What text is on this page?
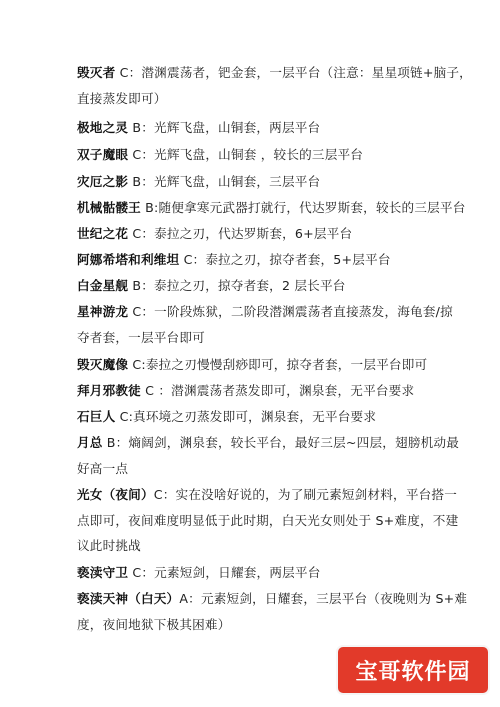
毁灭者 C：潜渊震荡者，钯金套，一层平台（注意：星星项链+脑子，
直接蒸发即可）
极地之灵 B：光辉飞盘，山铜套，两层平台
双子魔眼 C：光辉飞盘，山铜套 ，较长的三层平台
灾厄之影 B：光辉飞盘，山铜套，三层平台
机械骷髅王 B:随便拿寒元武器打就行，代达罗斯套，较长的三层平台
世纪之花 C：泰拉之刃，代达罗斯套，6+层平台
阿娜希塔和利维坦 C：泰拉之刃，掠夺者套，5+层平台
白金星舰 B：泰拉之刃，掠夺者套，2 层长平台
星神游龙 C：一阶段炼狱，二阶段潜渊震荡者直接蒸发，海龟套/掠
夺者套，一层平台即可
毁灭魔像 C:泰拉之刃慢慢刮痧即可，掠夺者套，一层平台即可
拜月邪教徒 C ：潜渊震荡者蒸发即可，渊泉套，无平台要求
石巨人 C:真环境之刃蒸发即可，渊泉套，无平台要求
月总 B：熵阔剑，渊泉套，较长平台，最好三层~四层，翅膀机动最
好高一点
光女（夜间）C：实在没啥好说的，为了刷元素短剑材料，平台搭一
点即可，夜间难度明显低于此时期，白天光女则处于 S+难度，不建
议此时挑战
亵渎守卫 C：元素短剑，日耀套，两层平台
亵渎天神（白天）A：元素短剑，日耀套，三层平台（夜晚则为 S+难
度，夜间地狱下极其困难）
宝哥软件园
